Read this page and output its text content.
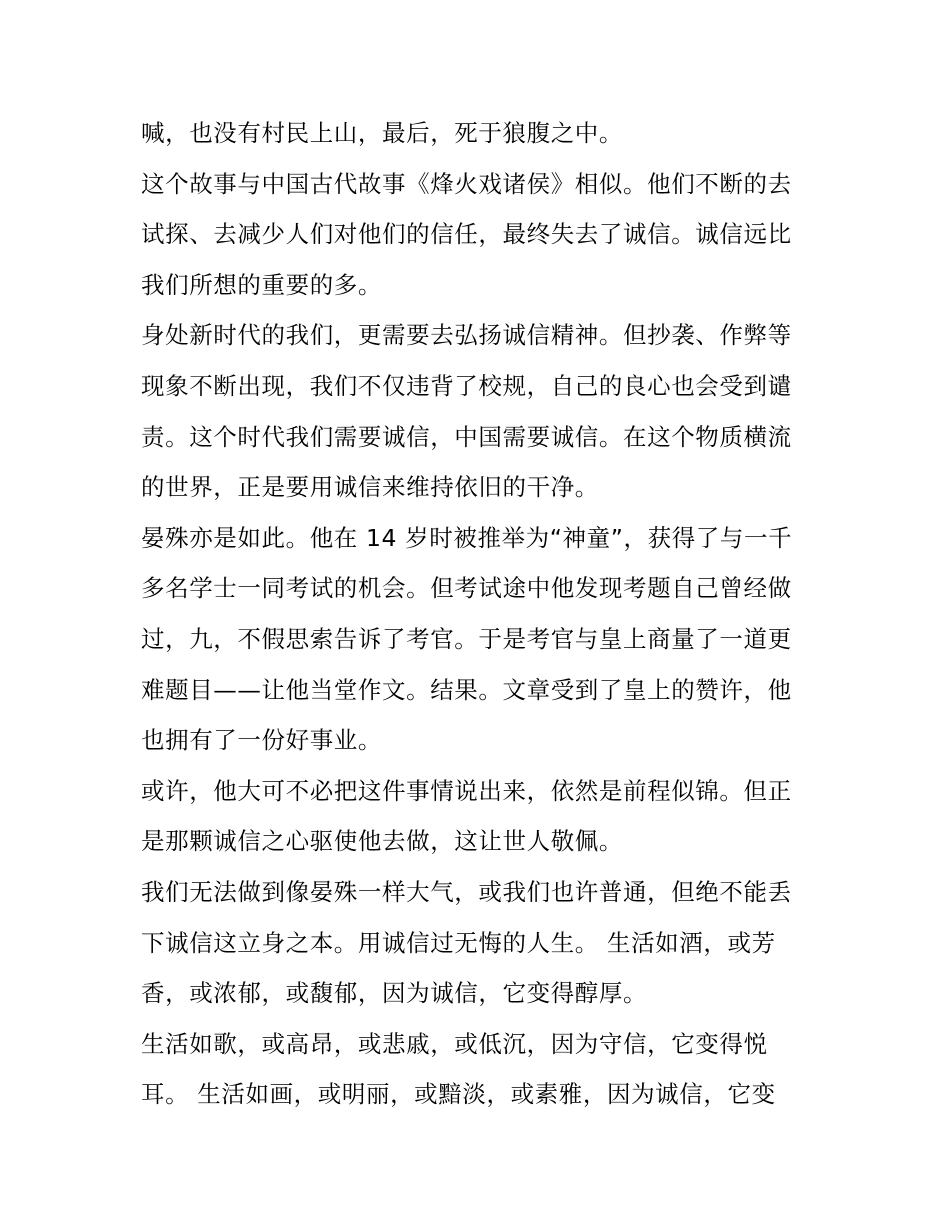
喊，也没有村民上山，最后，死于狼腹之中。
这个故事与中国古代故事《烽火戏诸侯》相似。他们不断的去
试探、去减少人们对他们的信任，最终失去了诚信。诚信远比
我们所想的重要的多。
身处新时代的我们，更需要去弘扬诚信精神。但抄袭、作弊等
现象不断出现，我们不仅违背了校规，自己的良心也会受到谴
责。这个时代我们需要诚信，中国需要诚信。在这个物质横流
的世界，正是要用诚信来维持依旧的干净。
晏殊亦是如此。他在 14 岁时被推举为“神童”，获得了与一千
多名学士一同考试的机会。但考试途中他发现考题自己曾经做
过，九，不假思索告诉了考官。于是考官与皇上商量了一道更
难题目——让他当堂作文。结果。文章受到了皇上的赞许，他
也拥有了一份好事业。
或许，他大可不必把这件事情说出来，依然是前程似锦。但正
是那颗诚信之心驱使他去做，这让世人敬佩。
我们无法做到像晏殊一样大气，或我们也许普通，但绝不能丢
下诚信这立身之本。用诚信过无悔的人生。 生活如酒，或芳
香，或浓郁，或馥郁，因为诚信，它变得醇厚。
生活如歌，或高昂，或悲戚，或低沉，因为守信，它变得悦
耳。 生活如画，或明丽，或黯淡，或素雅，因为诚信，它变
